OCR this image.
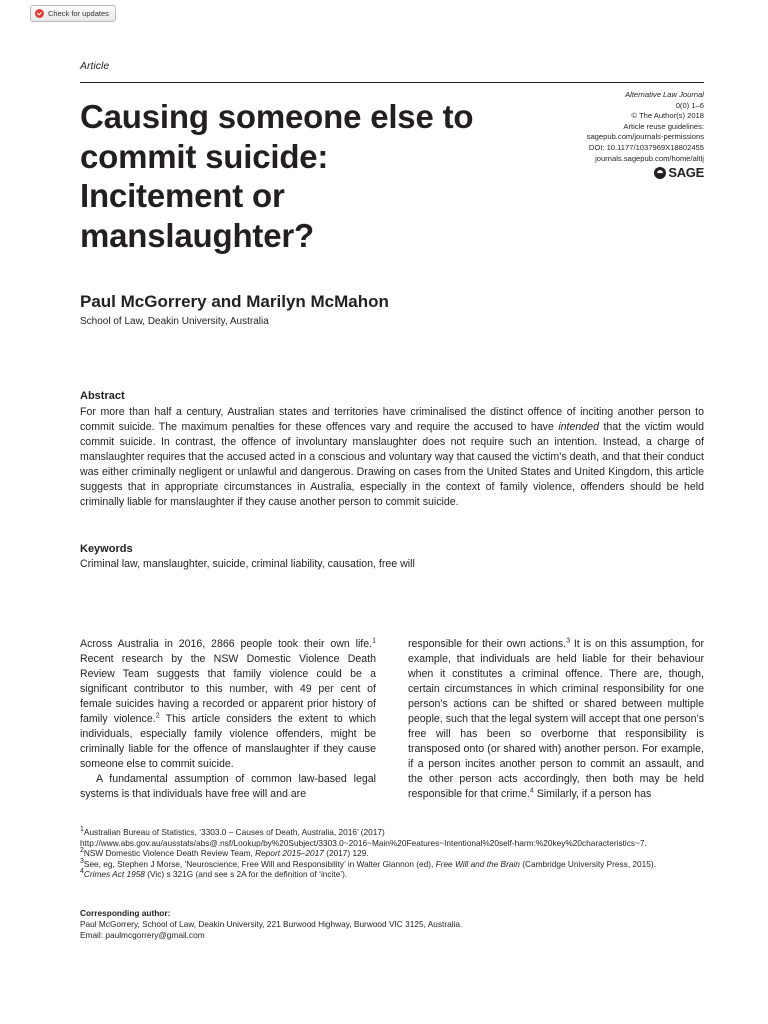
Check for updates
Article
Alternative Law Journal
0(0) 1–6
© The Author(s) 2018
Article reuse guidelines:
sagepub.com/journals-permissions
DOI: 10.1177/1037969X18802455
journals.sagepub.com/home/altlj
SAGE
Causing someone else to commit suicide: Incitement or manslaughter?
Paul McGorrery and Marilyn McMahon
School of Law, Deakin University, Australia
Abstract

For more than half a century, Australian states and territories have criminalised the distinct offence of inciting another person to commit suicide. The maximum penalties for these offences vary and require the accused to have intended that the victim would commit suicide. In contrast, the offence of involuntary manslaughter does not require such an intention. Instead, a charge of manslaughter requires that the accused acted in a conscious and voluntary way that caused the victim’s death, and that their conduct was either criminally negligent or unlawful and dangerous. Drawing on cases from the United States and United Kingdom, this article suggests that in appropriate circumstances in Australia, especially in the context of family violence, offenders should be held criminally liable for manslaughter if they cause another person to commit suicide.

Keywords
Criminal law, manslaughter, suicide, criminal liability, causation, free will

Across Australia in 2016, 2866 people took their own life.$^1$ Recent research by the NSW Domestic Violence Death Review Team suggests that family violence could be a significant contributor to this number, with 49 per cent of female suicides having a recorded or apparent prior history of family violence.$^2$ This article considers the extent to which individuals, especially family violence offenders, might be criminally liable for the offence of manslaughter if they cause someone else to commit suicide.

A fundamental assumption of common law-based legal systems is that individuals have free will and are

responsible for their own actions.$^3$ It is on this assumption, for example, that individuals are held liable for their behaviour when it constitutes a criminal offence. There are, though, certain circumstances in which criminal responsibility for one person’s actions can be shifted or shared between multiple people, such that the legal system will accept that one person’s free will has been so overborne that responsibility is transposed onto (or shared with) another person. For example, if a person incites another person to commit an assault, and the other person acts accordingly, then both may be held responsible for that crime.$^4$ Similarly, if a person has

$^1$Australian Bureau of Statistics, ‘3303.0 – Causes of Death, Australia, 2016’ (2017) http://www.abs.gov.au/ausstats/abs@.nsf/Lookup/by%20Subject/3303.0~2016~Main%20Features~Intentional%20self-harm:%20key%20characteristics~7.

$^2$NSW Domestic Violence Death Review Team, Report 2015–2017 (2017) 129.

$^3$See, eg, Stephen J Morse, ‘Neuroscience, Free Will and Responsibility’ in Walter Glannon (ed), Free Will and the Brain (Cambridge University Press, 2015).

$^4$Crimes Act 1958 (Vic) s 321G (and see s 2A for the definition of ‘incite’).

Corresponding author:

Paul McGorrery, School of Law, Deakin University, 221 Burwood Highway, Burwood VIC 3125, Australia.

Email: paulmcgorrery@gmail.com
